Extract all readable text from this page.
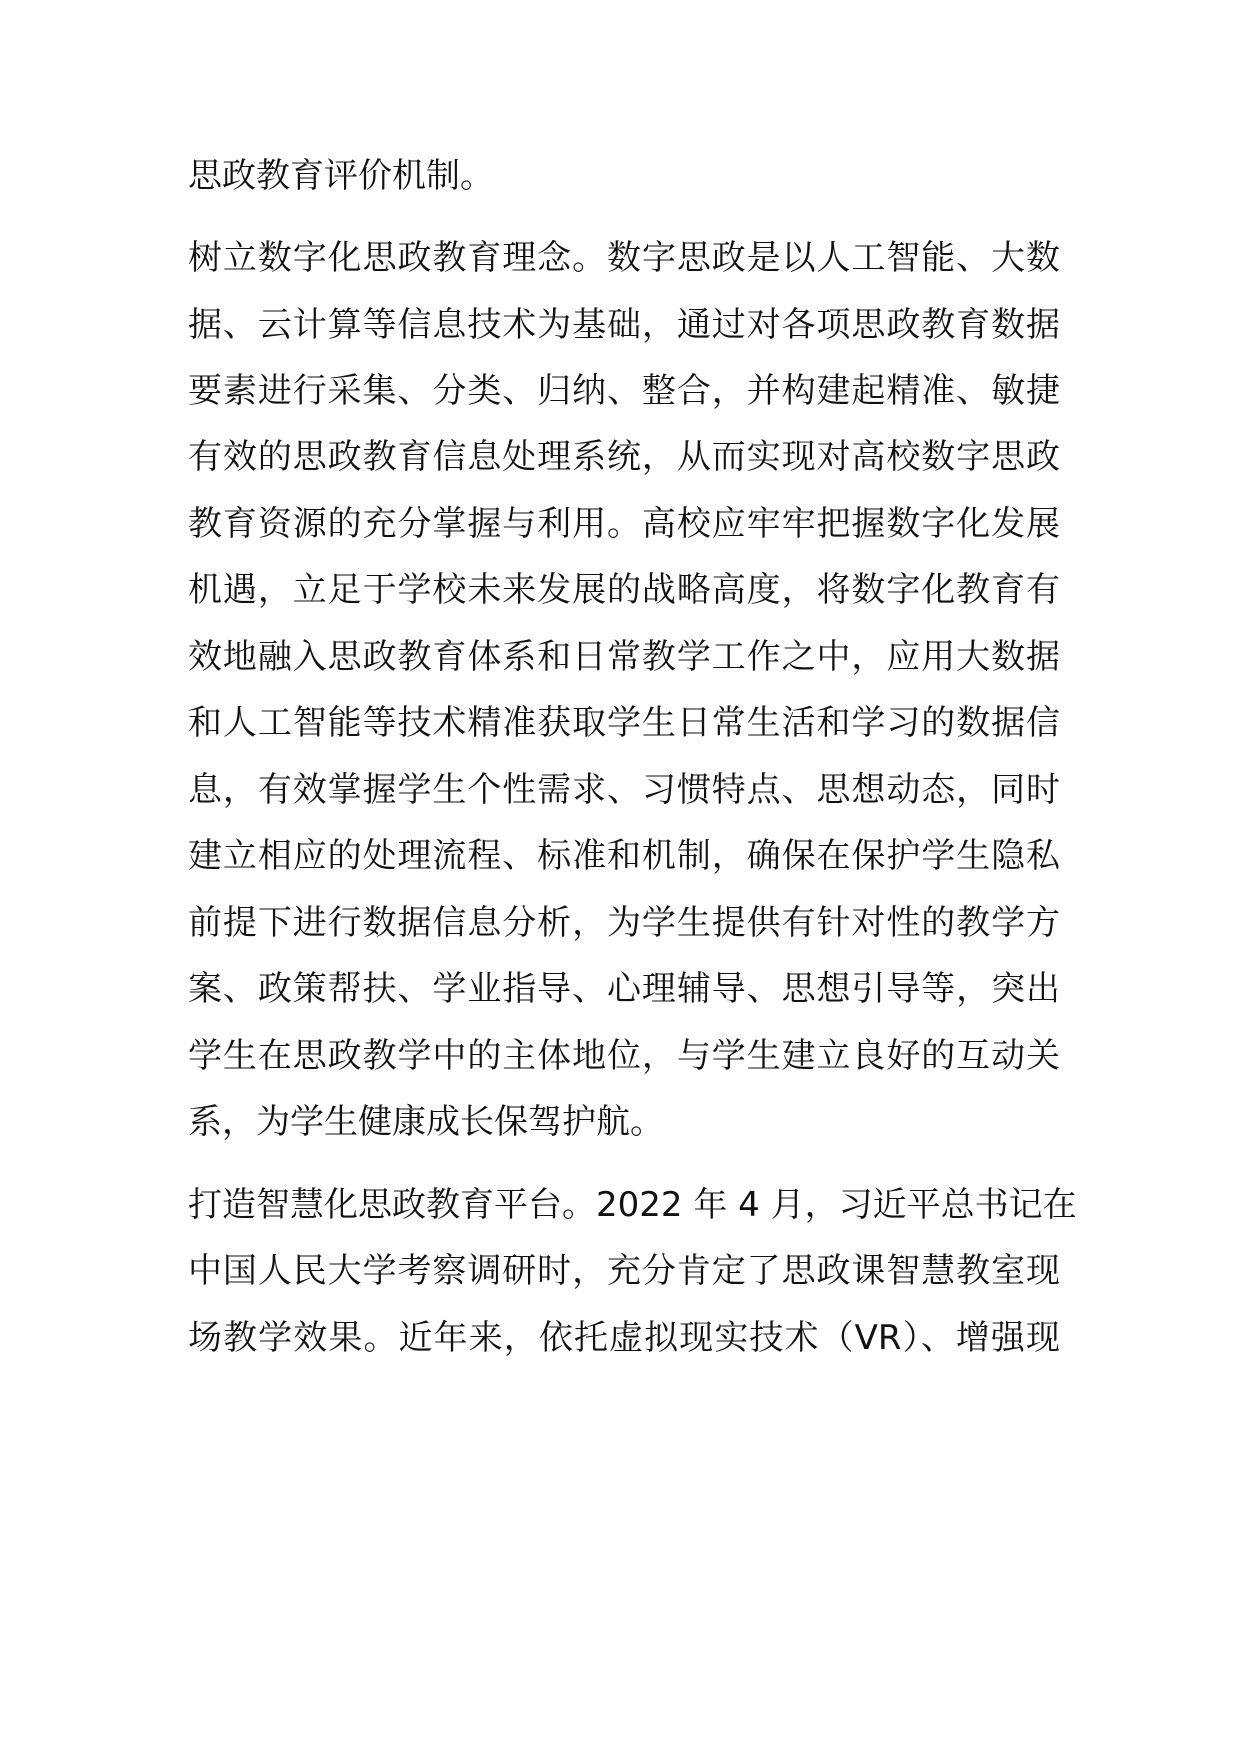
思政教育评价机制。
树立数字化思政教育理念。数字思政是以人工智能、大数
据、云计算等信息技术为基础，通过对各项思政教育数据
要素进行采集、分类、归纳、整合，并构建起精准、敏捷
有效的思政教育信息处理系统，从而实现对高校数字思政
教育资源的充分掌握与利用。高校应牢牢把握数字化发展
机遇，立足于学校未来发展的战略高度，将数字化教育有
效地融入思政教育体系和日常教学工作之中，应用大数据
和人工智能等技术精准获取学生日常生活和学习的数据信
息，有效掌握学生个性需求、习惯特点、思想动态，同时
建立相应的处理流程、标准和机制，确保在保护学生隐私
前提下进行数据信息分析，为学生提供有针对性的教学方
案、政策帮扶、学业指导、心理辅导、思想引导等，突出
学生在思政教学中的主体地位，与学生建立良好的互动关
系，为学生健康成长保驾护航。
打造智慧化思政教育平台。2022 年 4 月，习近平总书记在
中国人民大学考察调研时，充分肯定了思政课智慧教室现
场教学效果。近年来，依托虚拟现实技术（VR）、增强现
